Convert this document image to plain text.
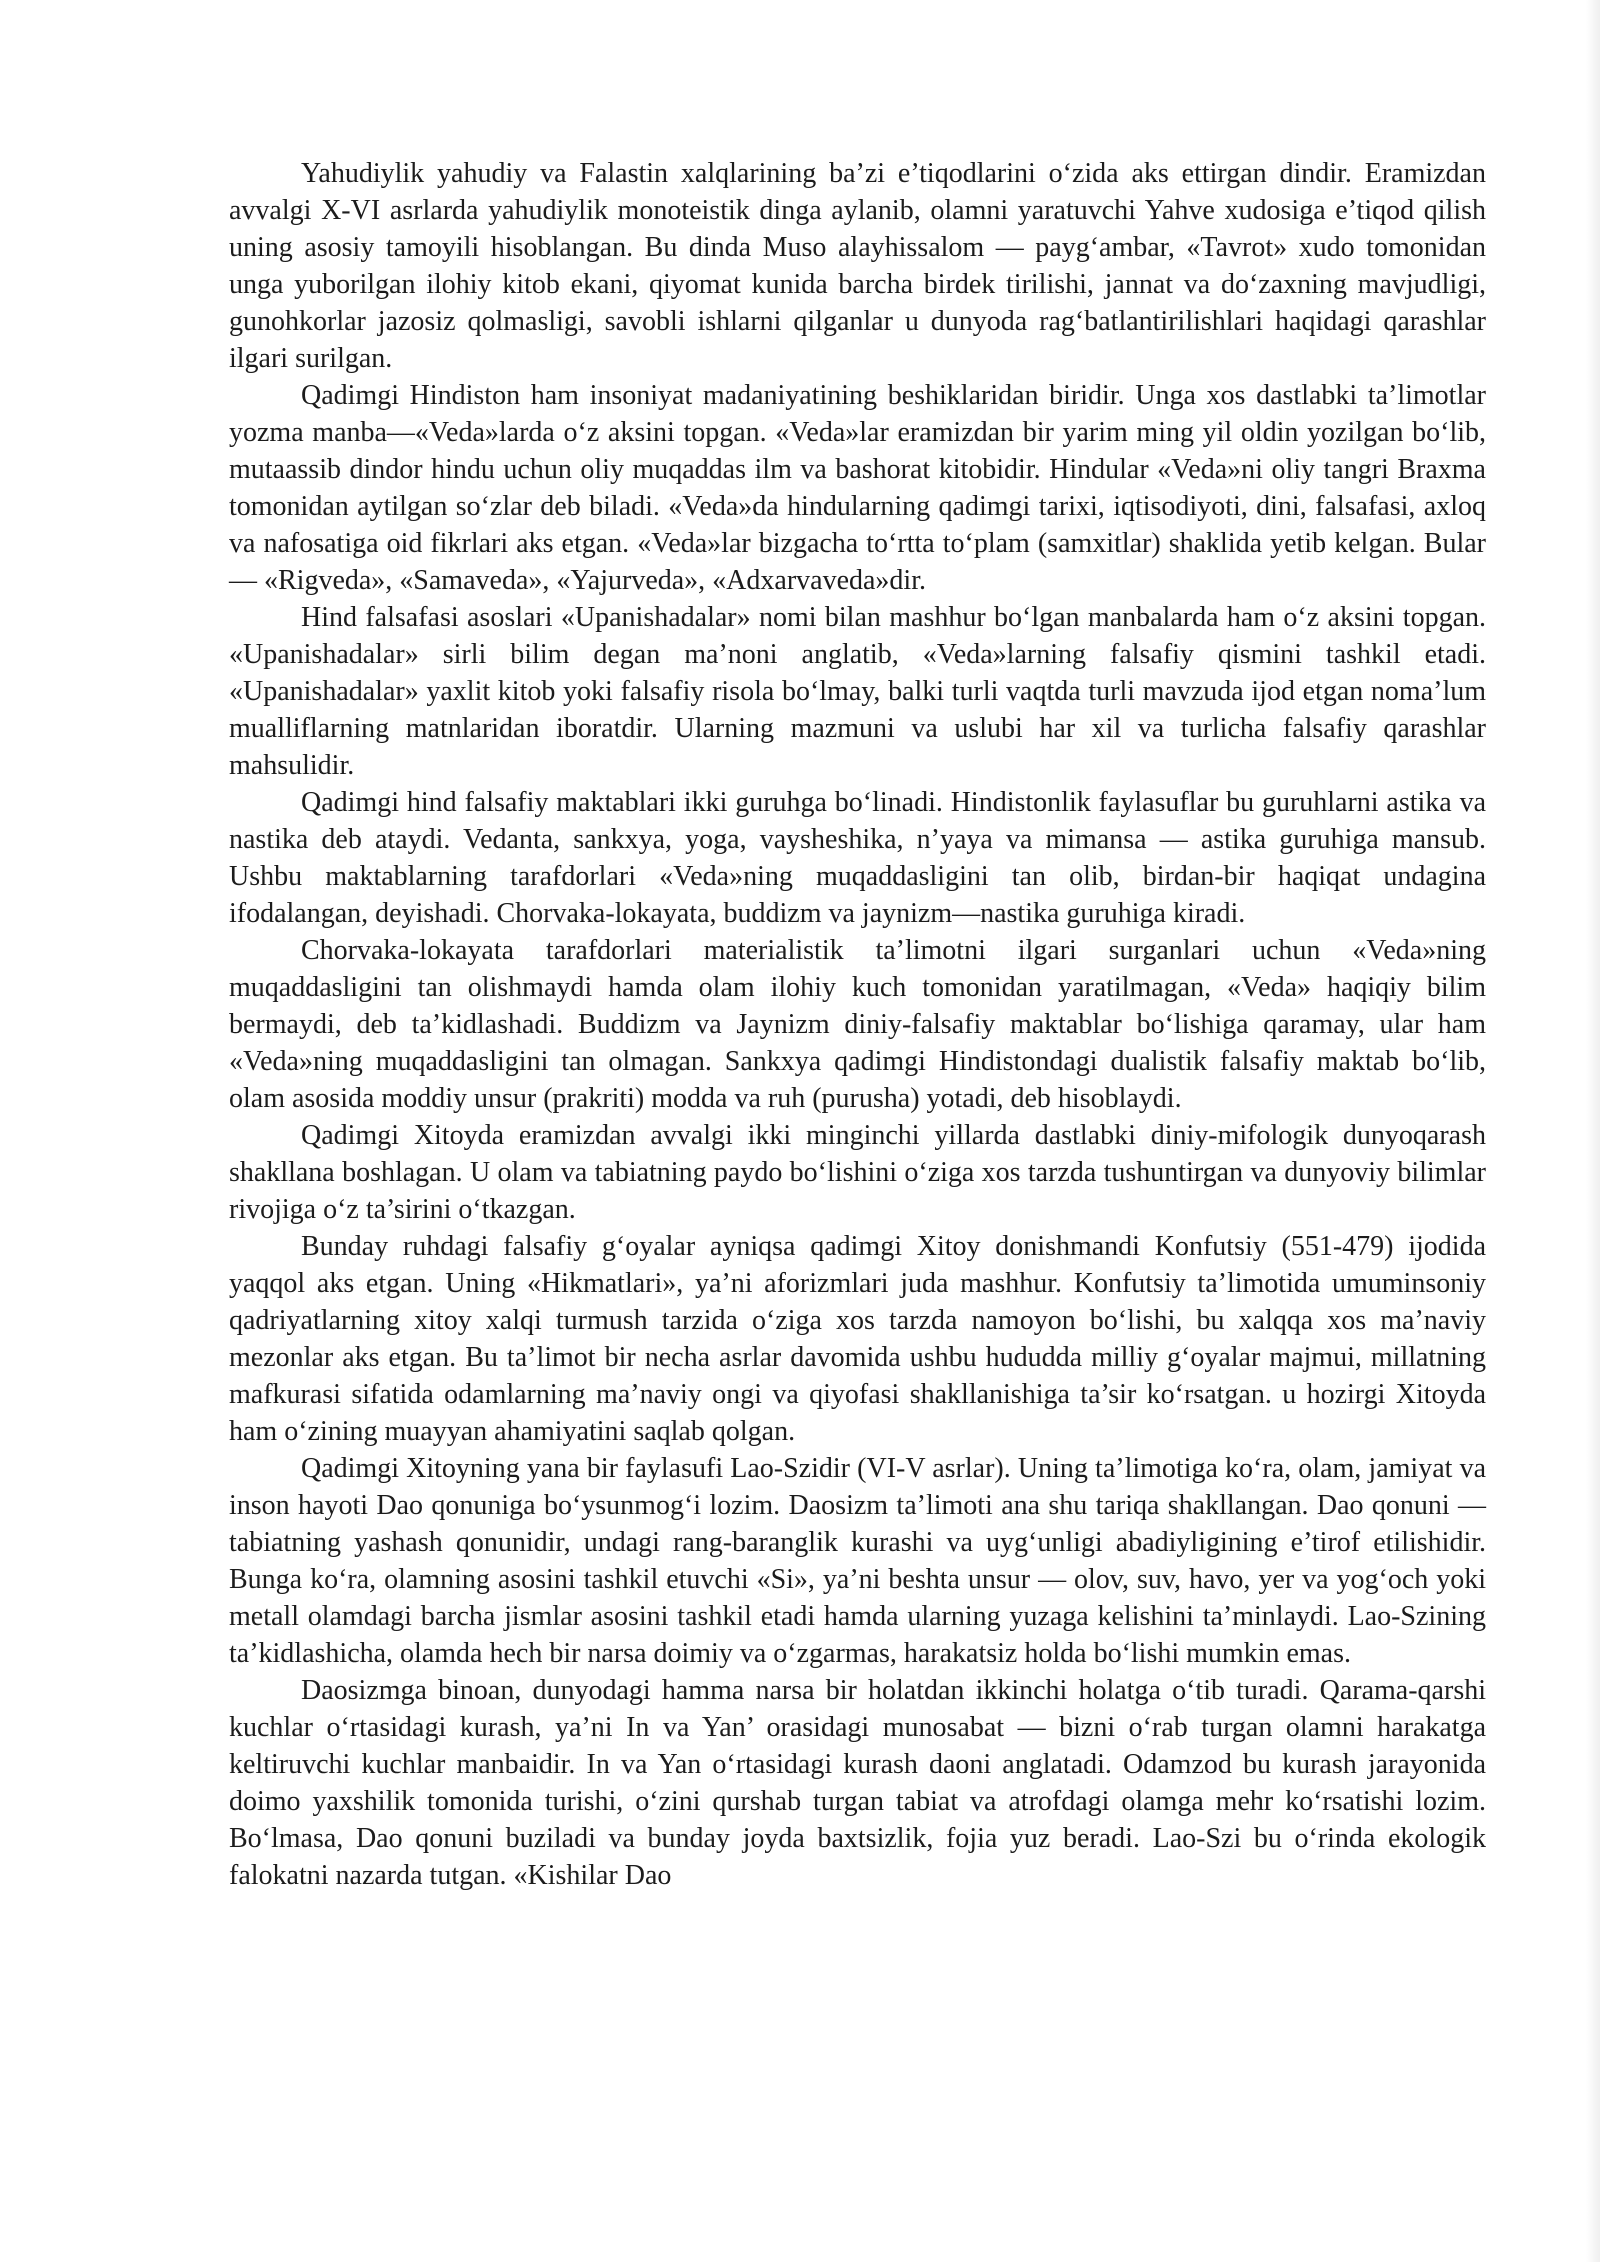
Yahudiylik yahudiy va Falastin xalqlarining ba’zi e’tiqodlarini o‘zida aks ettirgan dindir. Eramizdan avvalgi X-VI asrlarda yahudiylik monoteistik dinga aylanib, olamni yaratuvchi Yahve xudosiga e’tiqod qilish uning asosiy tamoyili hisoblangan. Bu dinda Muso alayhissalom — payg‘ambar, «Tavrot» xudo tomonidan unga yuborilgan ilohiy kitob ekani, qiyomat kunida barcha birdek tirilishi, jannat va do‘zaxning mavjudligi, gunohkorlar jazosiz qolmasligi, savobli ishlarni qilganlar u dunyoda rag‘batlantirilishlari haqidagi qarashlar ilgari surilgan.

Qadimgi Hindiston ham insoniyat madaniyatining beshiklaridan biridir. Unga xos dastlabki ta’limotlar yozma manba—«Veda»larda o‘z aksini topgan. «Veda»lar eramizdan bir yarim ming yil oldin yozilgan bo‘lib, mutaassib dindor hindu uchun oliy muqaddas ilm va bashorat kitobidir. Hindular «Veda»ni oliy tangri Braxma tomonidan aytilgan so‘zlar deb biladi. «Veda»da hindularning qadimgi tarixi, iqtisodiyoti, dini, falsafasi, axloq va nafosatiga oid fikrlari aks etgan. «Veda»lar bizgacha to‘rtta to‘plam (samxitlar) shaklida yetib kelgan. Bular — «Rigveda», «Samaveda», «Yajurveda», «Adxarvaveda»dir.

Hind falsafasi asoslari «Upanishadalar» nomi bilan mashhur bo‘lgan manbalarda ham o‘z aksini topgan. «Upanishadalar» sirli bilim degan ma’noni anglatib, «Veda»larning falsafiy qismini tashkil etadi. «Upanishadalar» yaxlit kitob yoki falsafiy risola bo‘lmay, balki turli vaqtda turli mavzuda ijod etgan noma’lum mualliflarning matnlaridan iboratdir. Ularning mazmuni va uslubi har xil va turlicha falsafiy qarashlar mahsulidir.

Qadimgi hind falsafiy maktablari ikki guruhga bo‘linadi. Hindistonlik faylasuflar bu guruhlarni astika va nastika deb ataydi. Vedanta, sankxya, yoga, vaysheshika, n’yaya va mimansa — astika guruhiga mansub. Ushbu maktablarning tarafdorlari «Veda»ning muqaddasligini tan olib, birdan-bir haqiqat undagina ifodalangan, deyishadi. Chorvaka-lokayata, buddizm va jaynizm—nastika guruhiga kiradi.

Chorvaka-lokayata tarafdorlari materialistik ta’limotni ilgari surganlari uchun «Veda»ning muqaddasligini tan olishmaydi hamda olam ilohiy kuch tomonidan yaratilmagan, «Veda» haqiqiy bilim bermaydi, deb ta’kidlashadi. Buddizm va Jaynizm diniy-falsafiy maktablar bo‘lishiga qaramay, ular ham «Veda»ning muqaddasligini tan olmagan. Sankxya qadimgi Hindistondagi dualistik falsafiy maktab bo‘lib, olam asosida moddiy unsur (prakriti) modda va ruh (purusha) yotadi, deb hisoblaydi.

Qadimgi Xitoyda eramizdan avvalgi ikki minginchi yillarda dastlabki diniy-mifologik dunyoqarash shakllana boshlagan. U olam va tabiatning paydo bo‘lishini o‘ziga xos tarzda tushuntirgan va dunyoviy bilimlar rivojiga o‘z ta’sirini o‘tkazgan.

Bunday ruhdagi falsafiy g‘oyalar ayniqsa qadimgi Xitoy donishmandi Konfutsiy (551-479) ijodida yaqqol aks etgan. Uning «Hikmatlari», ya’ni aforizmlari juda mashhur. Konfutsiy ta’limotida umuminsoniy qadriyatlarning xitoy xalqi turmush tarzida o‘ziga xos tarzda namoyon bo‘lishi, bu xalqqa xos ma’naviy mezonlar aks etgan. Bu ta’limot bir necha asrlar davomida ushbu hududda milliy g‘oyalar majmui, millatning mafkurasi sifatida odamlarning ma’naviy ongi va qiyofasi shakllanishiga ta’sir ko‘rsatgan. u hozirgi Xitoyda ham o‘zining muayyan ahamiyatini saqlab qolgan.

Qadimgi Xitoyning yana bir faylasufi Lao-Szidir (VI-V asrlar). Uning ta’limotiga ko‘ra, olam, jamiyat va inson hayoti Dao qonuniga bo‘ysunmog‘i lozim. Daosizm ta’limoti ana shu tariqa shakllangan. Dao qonuni — tabiatning yashash qonunidir, undagi rang-baranglik kurashi va uyg‘unligi abadiyligining e’tirof etilishidir. Bunga ko‘ra, olamning asosini tashkil etuvchi «Si», ya’ni beshta unsur — olov, suv, havo, yer va yog‘och yoki metall olamdagi barcha jismlar asosini tashkil etadi hamda ularning yuzaga kelishini ta’minlaydi. Lao-Szining ta’kidlashicha, olamda hech bir narsa doimiy va o‘zgarmas, harakatsiz holda bo‘lishi mumkin emas.

Daosizmga binoan, dunyodagi hamma narsa bir holatdan ikkinchi holatga o‘tib turadi. Qarama-qarshi kuchlar o‘rtasidagi kurash, ya’ni In va Yan’ orasidagi munosabat — bizni o‘rab turgan olamni harakatga keltiruvchi kuchlar manbaidir. In va Yan o‘rtasidagi kurash daoni anglatadi. Odamzod bu kurash jarayonida doimo yaxshilik tomonida turishi, o‘zini qurshab turgan tabiat va atrofdagi olamga mehr ko‘rsatishi lozim. Bo‘lmasa, Dao qonuni buziladi va bunday joyda baxtsizlik, fojia yuz beradi. Lao-Szi bu o‘rinda ekologik falokatni nazarda tutgan. «Kishilar Dao
